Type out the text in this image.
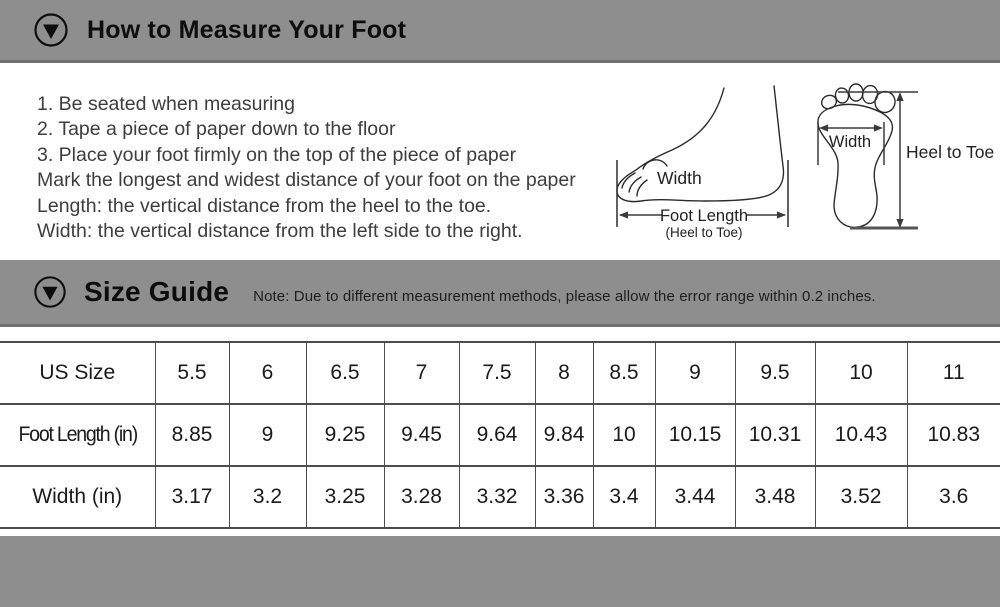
How to Measure Your Foot
1. Be seated when measuring
2. Tape a piece of paper down to the floor
3. Place your foot firmly on the top of the piece of paper
Mark the longest and widest distance of your foot on the paper
Length: the vertical distance from the heel to the toe.
Width: the vertical distance from the left side to the right.
Width
Foot Length
(Heel to Toe)
Width Heel to Toe
Size Guide Note: Due to different measurement methods, please allow the error range within 0.2 inches.
US Size	5.5	6	6.5	7	7.5	8	8.5	9	9.5	10	11
Foot Length (in)	8.85	9	9.25	9.45	9.64	9.84	10	10.15	10.31	10.43	10.83
Width (in)	3.17	3.2	3.25	3.28	3.32	3.36	3.4	3.44	3.48	3.52	3.6
